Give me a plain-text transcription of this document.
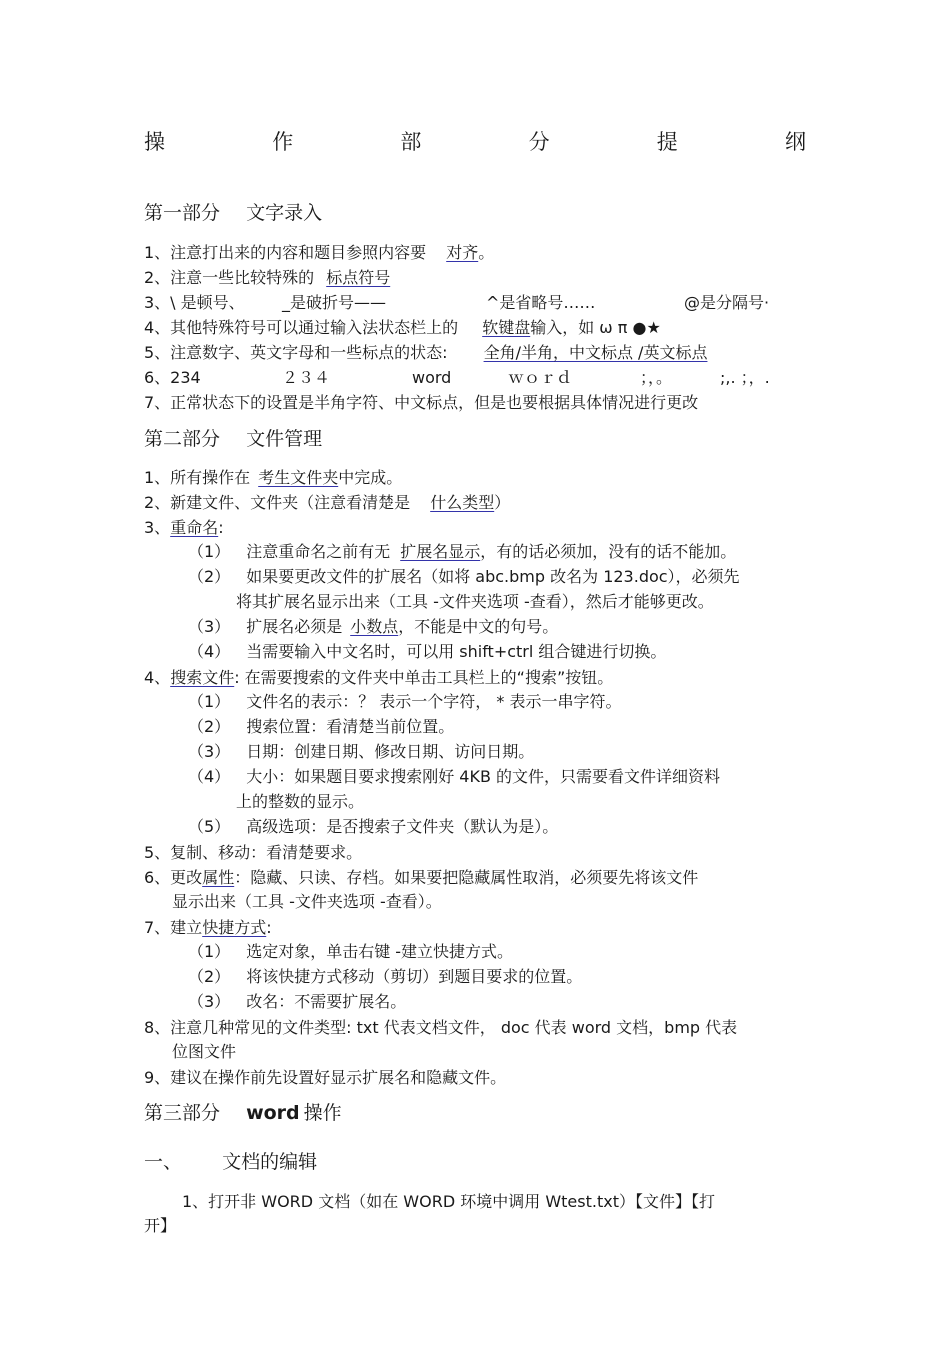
操	作	部	分	提	纲
第一部分 文字录入
1、注意打出来的内容和题目参照内容要 对齐。
2、注意一些比较特殊的 标点符号
3、\ 是顿号、 _是破折号——	^是省略号……	@是分隔号·
4、其他特殊符号可以通过输入法状态栏上的 软键盘输入，如 ω π ●★
5、注意数字、英文字母和一些标点的状态: 全角/半角，中文标点 /英文标点
6、234	２３４	word	ｗｏｒｄ	；，。	;,. ；，.
7、正常状态下的设置是半角字符、中文标点，但是也要根据具体情况进行更改
第二部分 文件管理
1、所有操作在 考生文件夹中完成。
2、新建文件、文件夹（注意看清楚是 什么类型）
3、重命名:
（1） 注意重命名之前有无 扩展名显示，有的话必须加，没有的话不能加。
（2） 如果要更改文件的扩展名（如将 abc.bmp 改名为 123.doc），必须先
将其扩展名显示出来（工具 -文件夹选项 -查看），然后才能够更改。
（3） 扩展名必须是 小数点，不能是中文的句号。
（4） 当需要输入中文名时，可以用 shift+ctrl 组合键进行切换。
4、搜索文件: 在需要搜索的文件夹中单击工具栏上的“搜索”按钮。
（1） 文件名的表示：？ 表示一个字符， * 表示一串字符。
（2） 搜索位置：看清楚当前位置。
（3） 日期：创建日期、修改日期、访问日期。
（4） 大小：如果题目要求搜索刚好 4KB 的文件，只需要看文件详细资料
上的整数的显示。
（5） 高级选项：是否搜索子文件夹（默认为是）。
5、复制、移动：看清楚要求。
6、更改属性：隐藏、只读、存档。如果要把隐藏属性取消，必须要先将该文件
显示出来（工具 -文件夹选项 -查看）。
7、建立快捷方式:
（1） 选定对象，单击右键 -建立快捷方式。
（2） 将该快捷方式移动（剪切）到题目要求的位置。
（3） 改名：不需要扩展名。
8、注意几种常见的文件类型: txt 代表文档文件， doc 代表 word 文档，bmp 代表
位图文件
9、建议在操作前先设置好显示扩展名和隐藏文件。
第三部分 word 操作
一、 文档的编辑
1、打开非 WORD 文档（如在 WORD 环境中调用 Wtest.txt）【文件】【打
开】
